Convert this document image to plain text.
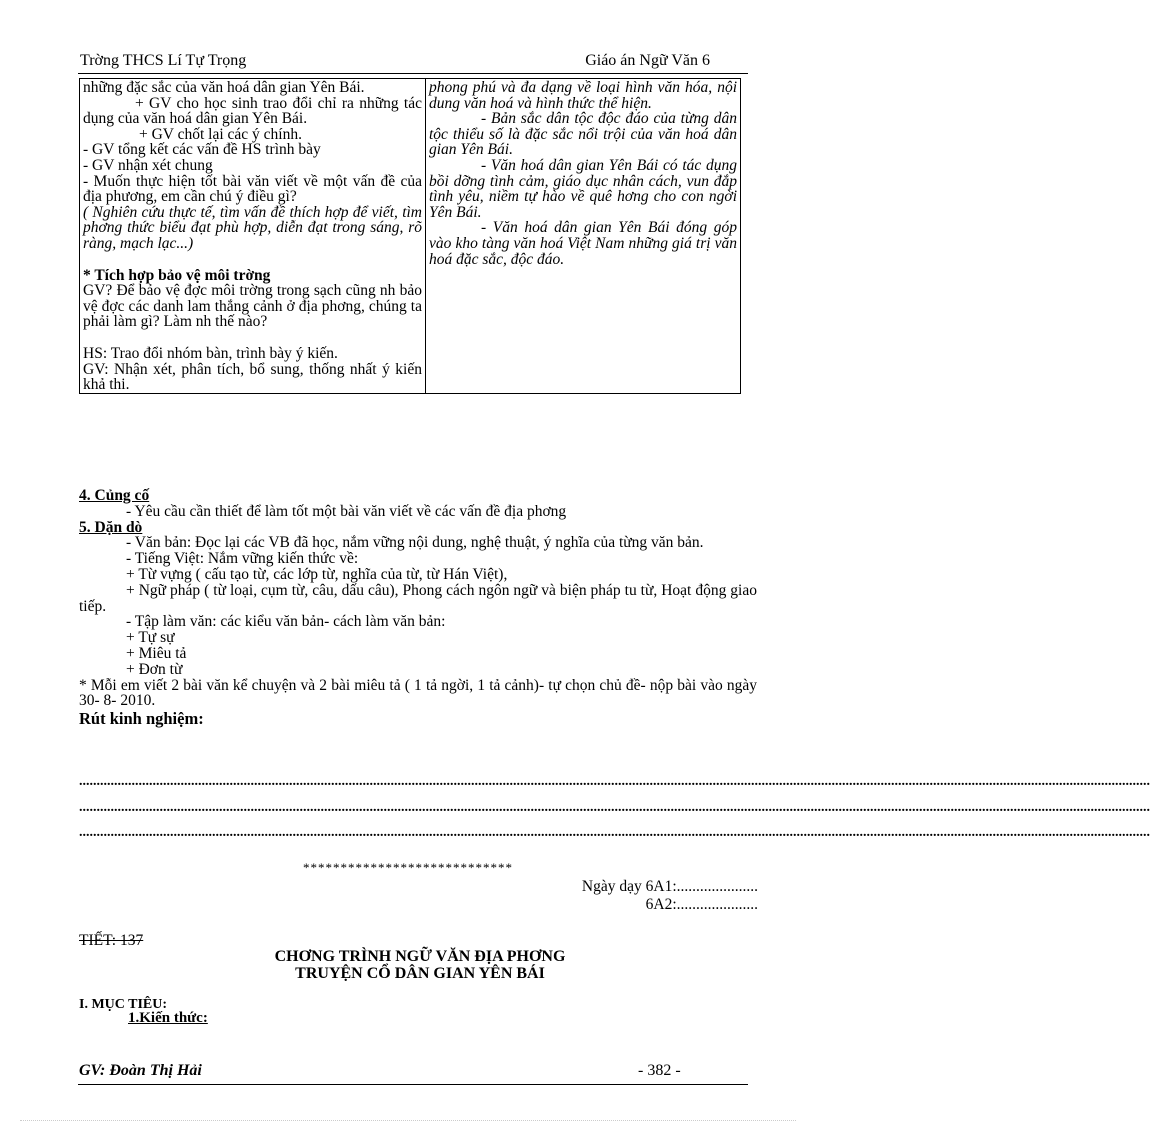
Trờng THCS Lí Tự Trọng	Giáo án Ngữ Văn 6
những đặc sắc của văn hoá dân gian Yên Bái.
+ GV cho học sinh trao đổi chỉ ra những tác dụng của văn hoá dân gian Yên Bái.
+ GV chốt lại các ý chính.
- GV tổng kết các vấn đề HS trình bày
- GV nhận xét chung
- Muốn thực hiện tốt bài văn viết về một vấn đề của địa phương, em cần chú ý điều gì?
( Nghiên cứu thực tế, tìm vấn đề thích hợp để viết, tìm phơng thức biểu đạt phù hợp, diễn đạt trong sáng, rõ ràng, mạch lạc...)
* Tích hợp bảo vệ môi trờng
GV? Để bảo vệ đợc môi trờng trong sạch cũng nh bảo vệ đợc các danh lam thắng cảnh ở địa phơng, chúng ta phải làm gì? Làm nh thế nào?
HS: Trao đổi nhóm bàn, trình bày ý kiến.
GV: Nhận xét, phân tích, bổ sung, thống nhất ý kiến khả thi.

phong phú và đa dạng về loại hình văn hóa, nội dung văn hoá và hình thức thể hiện.
- Bản sắc dân tộc độc đáo của từng dân tộc thiểu số là đặc sắc nổi trội của văn hoá dân gian Yên Bái.
- Văn hoá dân gian Yên Bái có tác dụng bồi dỡng tình cảm, giáo dục nhân cách, vun đắp tình yêu, niềm tự hào về quê hơng cho con ngời Yên Bái.
- Văn hoá dân gian Yên Bái đóng góp vào kho tàng văn hoá Việt Nam những giá trị văn hoá đặc sắc, độc đáo.
4. Củng cố
- Yêu cầu cần thiết để làm tốt một bài văn viết về các vấn đề địa phơng
5. Dặn dò
- Văn bản: Đọc lại các VB đã học, nắm vững nội dung, nghệ thuật, ý nghĩa của từng văn bản.
- Tiếng Việt: Nắm vững kiến thức về:
+ Từ vựng ( cấu tạo từ, các lớp từ, nghĩa của từ, từ Hán Việt),
+ Ngữ pháp ( từ loại, cụm từ, câu, dấu câu), Phong cách ngôn ngữ và biện pháp tu từ, Hoạt động giao tiếp.
- Tập làm văn: các kiểu văn bản- cách làm văn bản:
+ Tự sự
+ Miêu tả
+ Đơn từ
* Mỗi em viết 2 bài văn kể chuyện và 2 bài miêu tả ( 1 tả ngời, 1 tả cảnh)- tự chọn chủ đề- nộp bài vào ngày 30- 8- 2010.
Rút kinh nghiệm:
..................................................................................................................................................................................................................................................................................................................
..................................................................................................................................................................................................................................................................................................................
..................................................................................................................................................................................................................................................................................................................
****************************
Ngày dạy 6A1:.....................
6A2:.....................
TIẾT: 137
CHƠNG TRÌNH NGỮ VĂN ĐỊA PHƠNG
TRUYỆN CỔ DÂN GIAN YÊN BÁI
I. MỤC TIÊU:
1.Kiến thức:
GV: Đoàn Thị Hải	- 382 -
